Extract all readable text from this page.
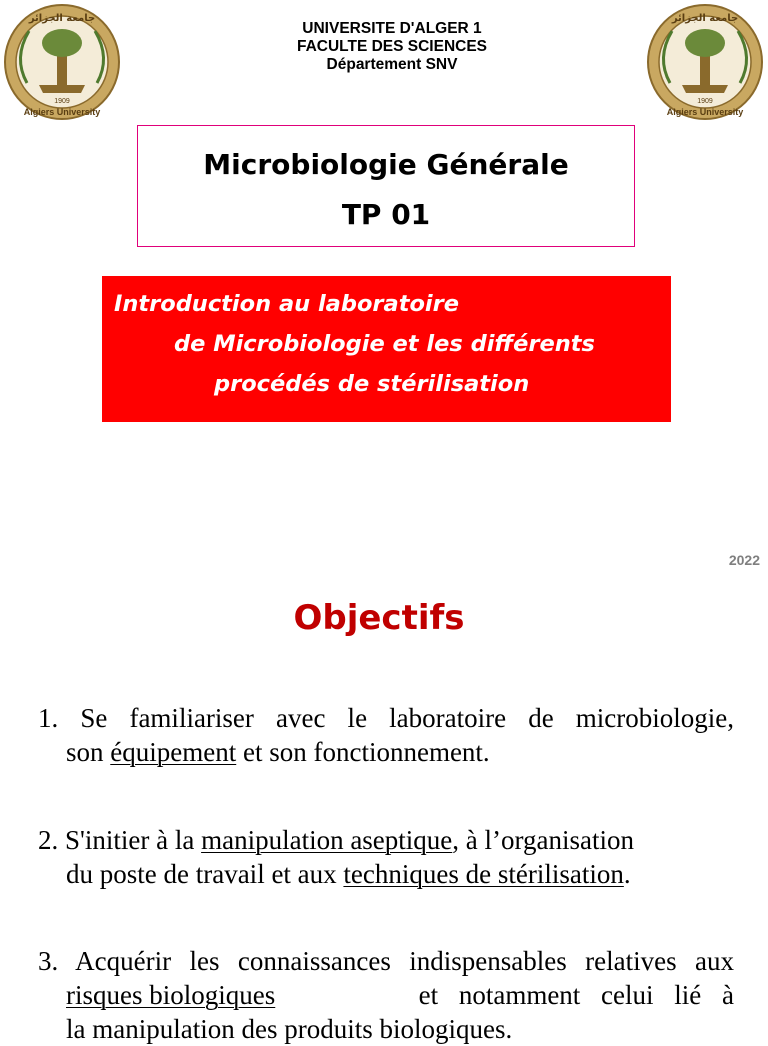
جامعة الجزائر
1909
Algiers University
جامعة الجزائر
1909
Algiers University
UNIVERSITE D'ALGER 1
FACULTE DES SCIENCES
Département SNV
Microbiologie Générale
TP 01
Introduction au laboratoire
de Microbiologie et les différents
procédés de stérilisation
2022
Objectifs
1. Se familiariser avec le laboratoire de microbiologie,
son équipement et son fonctionnement.
2. S'initier à la manipulation aseptique, à l’organisation
du poste de travail et aux techniques de stérilisation.
3. Acquérir les connaissances indispensables relatives aux
risques biologiques	et notamment celui lié à
la manipulation des produits biologiques.
